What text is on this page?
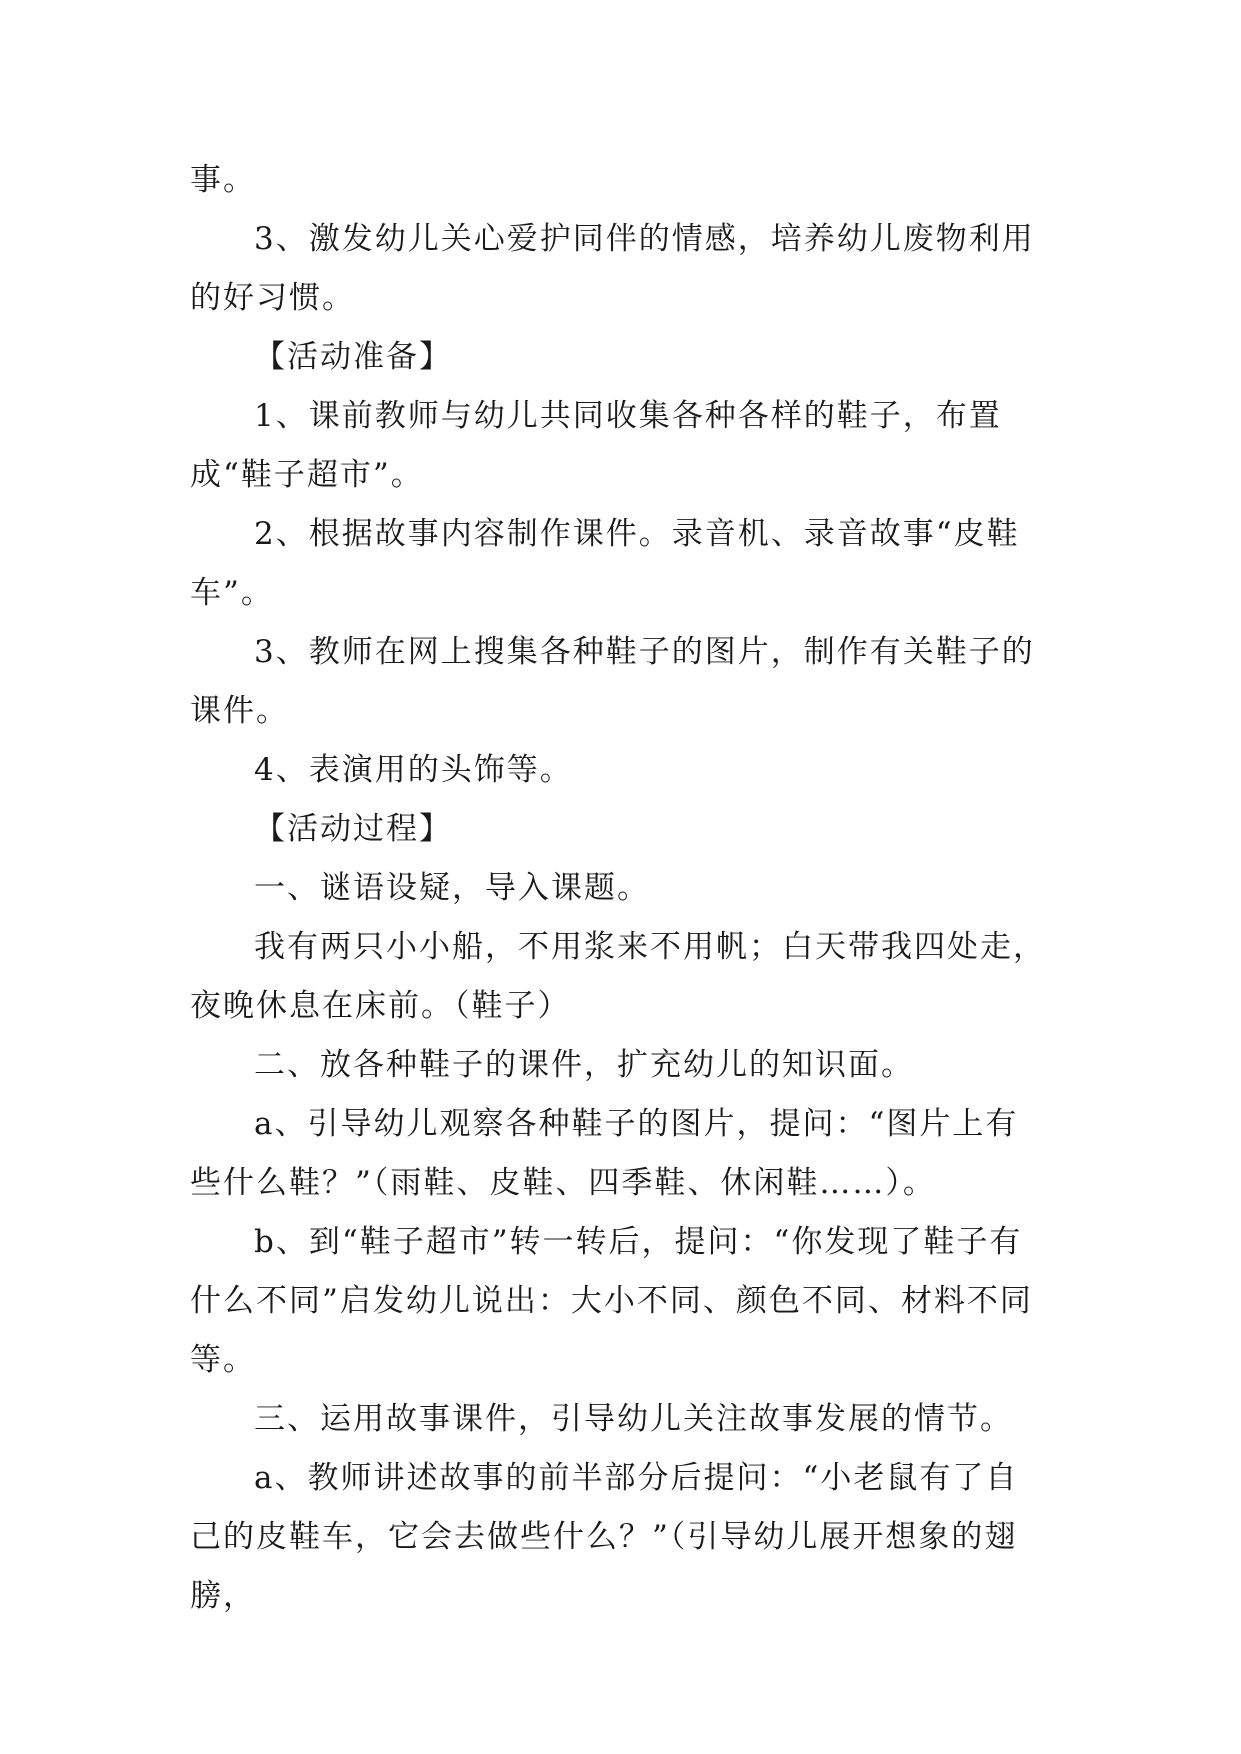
事。

3、激发幼儿关心爱护同伴的情感，培养幼儿废物利用的好习惯。

【活动准备】

1、课前教师与幼儿共同收集各种各样的鞋子，布置成“鞋子超市”。

2、根据故事内容制作课件。录音机、录音故事“皮鞋车”。

3、教师在网上搜集各种鞋子的图片，制作有关鞋子的课件。

4、表演用的头饰等。

【活动过程】

一、谜语设疑，导入课题。

我有两只小小船，不用浆来不用帆；白天带我四处走，夜晚休息在床前。（鞋子）

二、放各种鞋子的课件，扩充幼儿的知识面。

a、引导幼儿观察各种鞋子的图片，提问：“图片上有些什么鞋？”（雨鞋、皮鞋、四季鞋、休闲鞋……）。

b、到“鞋子超市”转一转后，提问：“你发现了鞋子有什么不同”启发幼儿说出：大小不同、颜色不同、材料不同等。

三、运用故事课件，引导幼儿关注故事发展的情节。

a、教师讲述故事的前半部分后提问：“小老鼠有了自己的皮鞋车，它会去做些什么？”（引导幼儿展开想象的翅膀，
